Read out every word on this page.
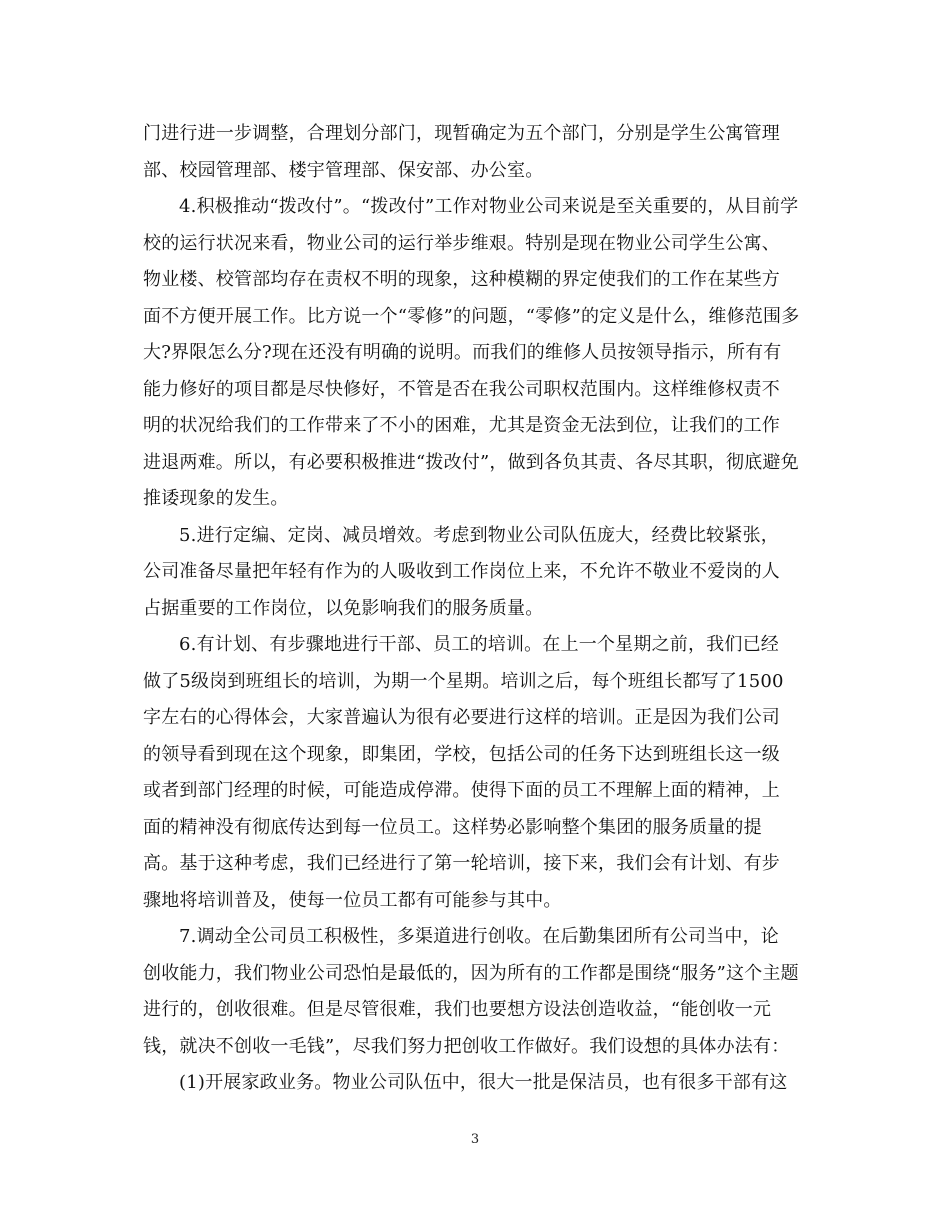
门进行进一步调整，合理划分部门，现暂确定为五个部门，分别是学生公寓管理
部、校园管理部、楼宇管理部、保安部、办公室。
4.积极推动“拨改付”。“拨改付”工作对物业公司来说是至关重要的，从目前学
校的运行状况来看，物业公司的运行举步维艰。特别是现在物业公司学生公寓、
物业楼、校管部均存在责权不明的现象，这种模糊的界定使我们的工作在某些方
面不方便开展工作。比方说一个“零修”的问题，“零修”的定义是什么，维修范围多
大?界限怎么分?现在还没有明确的说明。而我们的维修人员按领导指示，所有有
能力修好的项目都是尽快修好，不管是否在我公司职权范围内。这样维修权责不
明的状况给我们的工作带来了不小的困难，尤其是资金无法到位，让我们的工作
进退两难。所以，有必要积极推进“拨改付”，做到各负其责、各尽其职，彻底避免
推诿现象的发生。
5.进行定编、定岗、减员增效。考虑到物业公司队伍庞大，经费比较紧张，
公司准备尽量把年轻有作为的人吸收到工作岗位上来，不允许不敬业不爱岗的人
占据重要的工作岗位，以免影响我们的服务质量。
6.有计划、有步骤地进行干部、员工的培训。在上一个星期之前，我们已经
做了5级岗到班组长的培训，为期一个星期。培训之后，每个班组长都写了1500
字左右的心得体会，大家普遍认为很有必要进行这样的培训。正是因为我们公司
的领导看到现在这个现象，即集团，学校，包括公司的任务下达到班组长这一级
或者到部门经理的时候，可能造成停滞。使得下面的员工不理解上面的精神，上
面的精神没有彻底传达到每一位员工。这样势必影响整个集团的服务质量的提
高。基于这种考虑，我们已经进行了第一轮培训，接下来，我们会有计划、有步
骤地将培训普及，使每一位员工都有可能参与其中。
7.调动全公司员工积极性，多渠道进行创收。在后勤集团所有公司当中，论
创收能力，我们物业公司恐怕是最低的，因为所有的工作都是围绕“服务”这个主题
进行的，创收很难。但是尽管很难，我们也要想方设法创造收益，“能创收一元
钱，就决不创收一毛钱”，尽我们努力把创收工作做好。我们设想的具体办法有：
(1)开展家政业务。物业公司队伍中，很大一批是保洁员，也有很多干部有这
3
